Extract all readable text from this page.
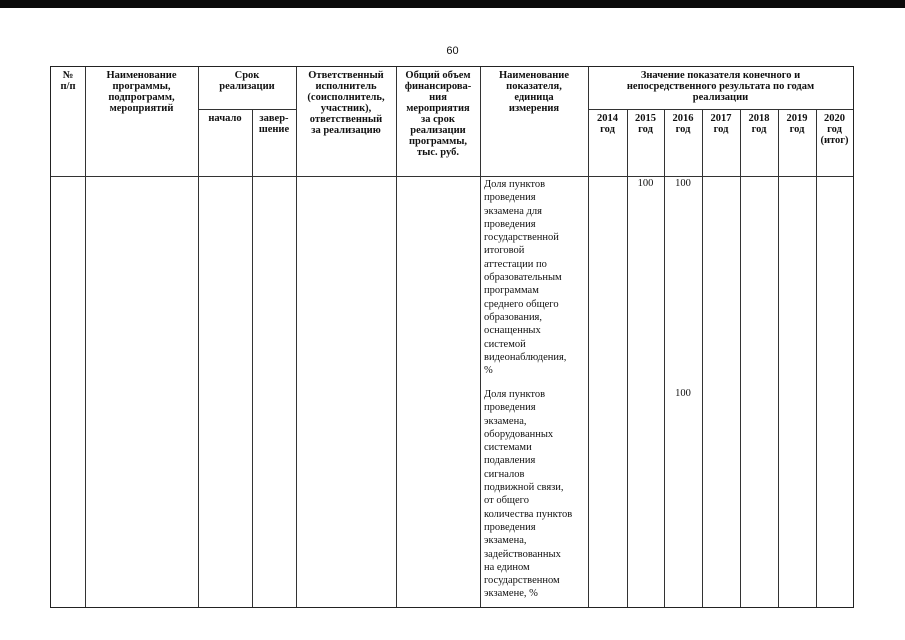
60
№
п/п
Наименование
программы,
подпрограмм,
мероприятий
Срок
реализации
начало	завер-
шение
Ответственный
исполнитель
(соисполнитель,
участник),
ответственный
за реализацию
Общий объем
финансирова-
ния
мероприятия
за срок
реализации
программы,
тыс. руб.
Наименование
показателя,
единица
измерения
Значение показателя конечного и
непосредственного результата по годам
реализации
2014
год
2015
год
2016
год
2017
год
2018
год
2019
год
2020
год
(итог)
Доля пунктов
проведения
экзамена для
проведения
государственной
итоговой
аттестации по
образовательным
программам
среднего общего
образования,
оснащенных
системой
видеонаблюдения,
%
100	100
Доля пунктов
проведения
экзамена,
оборудованных
системами
подавления
сигналов
подвижной связи,
от общего
количества пунктов
проведения
экзамена,
задействованных
на едином
государственном
экзамене, %
100
